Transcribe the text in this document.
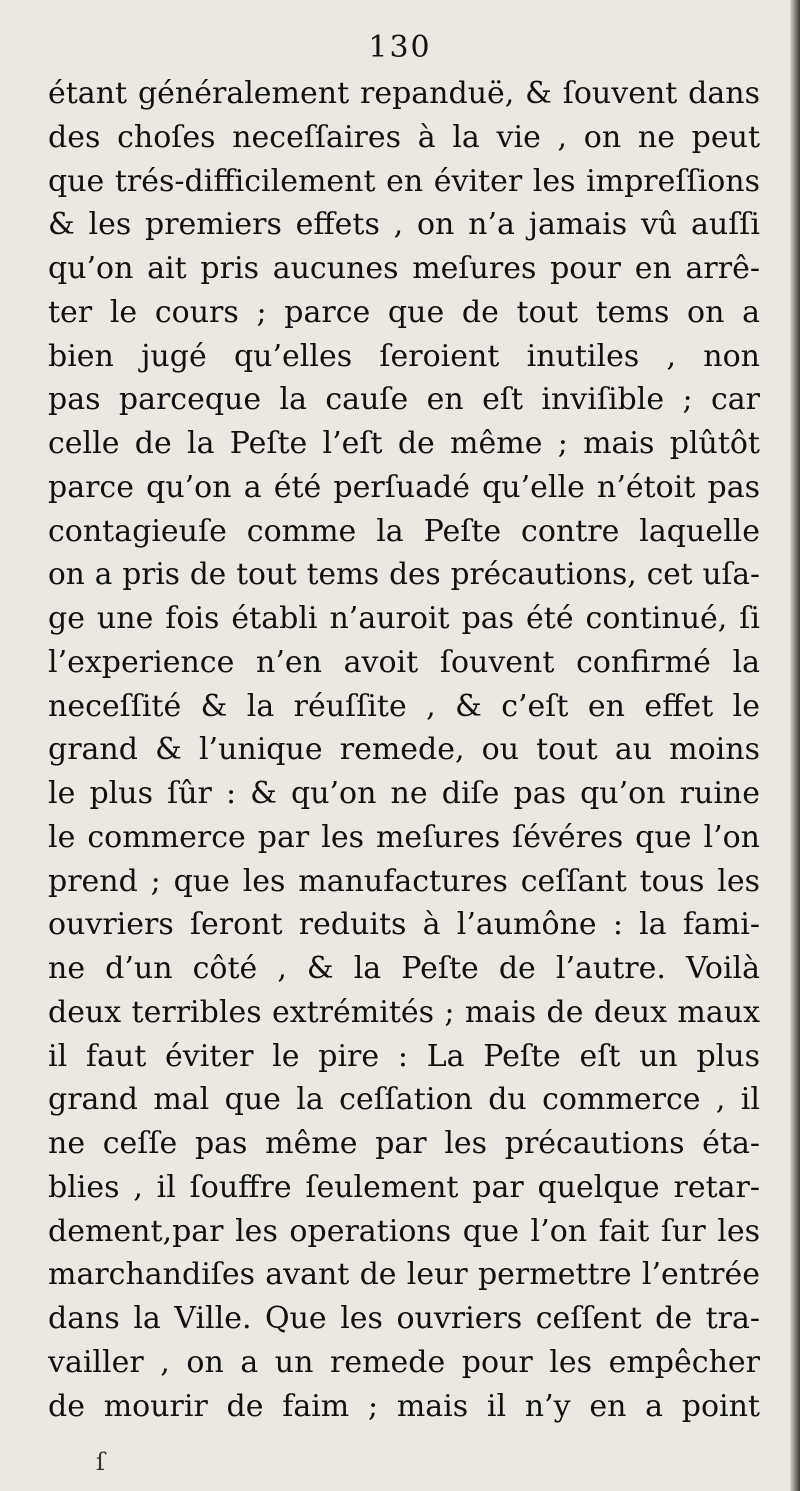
130
étant généralement repanduë, & ſouvent dans
des choſes neceſſaires à la vie , on ne peut
que trés-difficilement en éviter les impreſſions
& les premiers effets , on n’a jamais vû auſſi
qu’on ait pris aucunes meſures pour en arrê-
ter le cours ; parce que de tout tems on a
bien jugé qu’elles ſeroient inutiles , non
pas parceque la cauſe en eſt inviſible ; car
celle de la Peſte l’eſt de même ; mais plûtôt
parce qu’on a été perſuadé qu’elle n’étoit pas
contagieuſe comme la Peſte contre laquelle
on a pris de tout tems des précautions, cet uſa-
ge une fois établi n’auroit pas été continué, ſi
l’experience n’en avoit ſouvent confirmé la
neceſſité & la réuſſite , & c’eſt en effet le
grand & l’unique remede, ou tout au moins
le plus ſûr : & qu’on ne diſe pas qu’on ruine
le commerce par les meſures ſévéres que l’on
prend ; que les manufactures ceſſant tous les
ouvriers ſeront reduits à l’aumône : la fami-
ne d’un côté , & la Peſte de l’autre. Voilà
deux terribles extrémités ; mais de deux maux
il faut éviter le pire : La Peſte eſt un plus
grand mal que la ceſſation du commerce , il
ne ceſſe pas même par les précautions éta-
blies , il ſouffre ſeulement par quelque retar-
dement,par les operations que l’on fait ſur les
marchandiſes avant de leur permettre l’entrée
dans la Ville. Que les ouvriers ceſſent de tra-
vailler , on a un remede pour les empêcher
de mourir de faim ; mais il n’y en a point
ſ
